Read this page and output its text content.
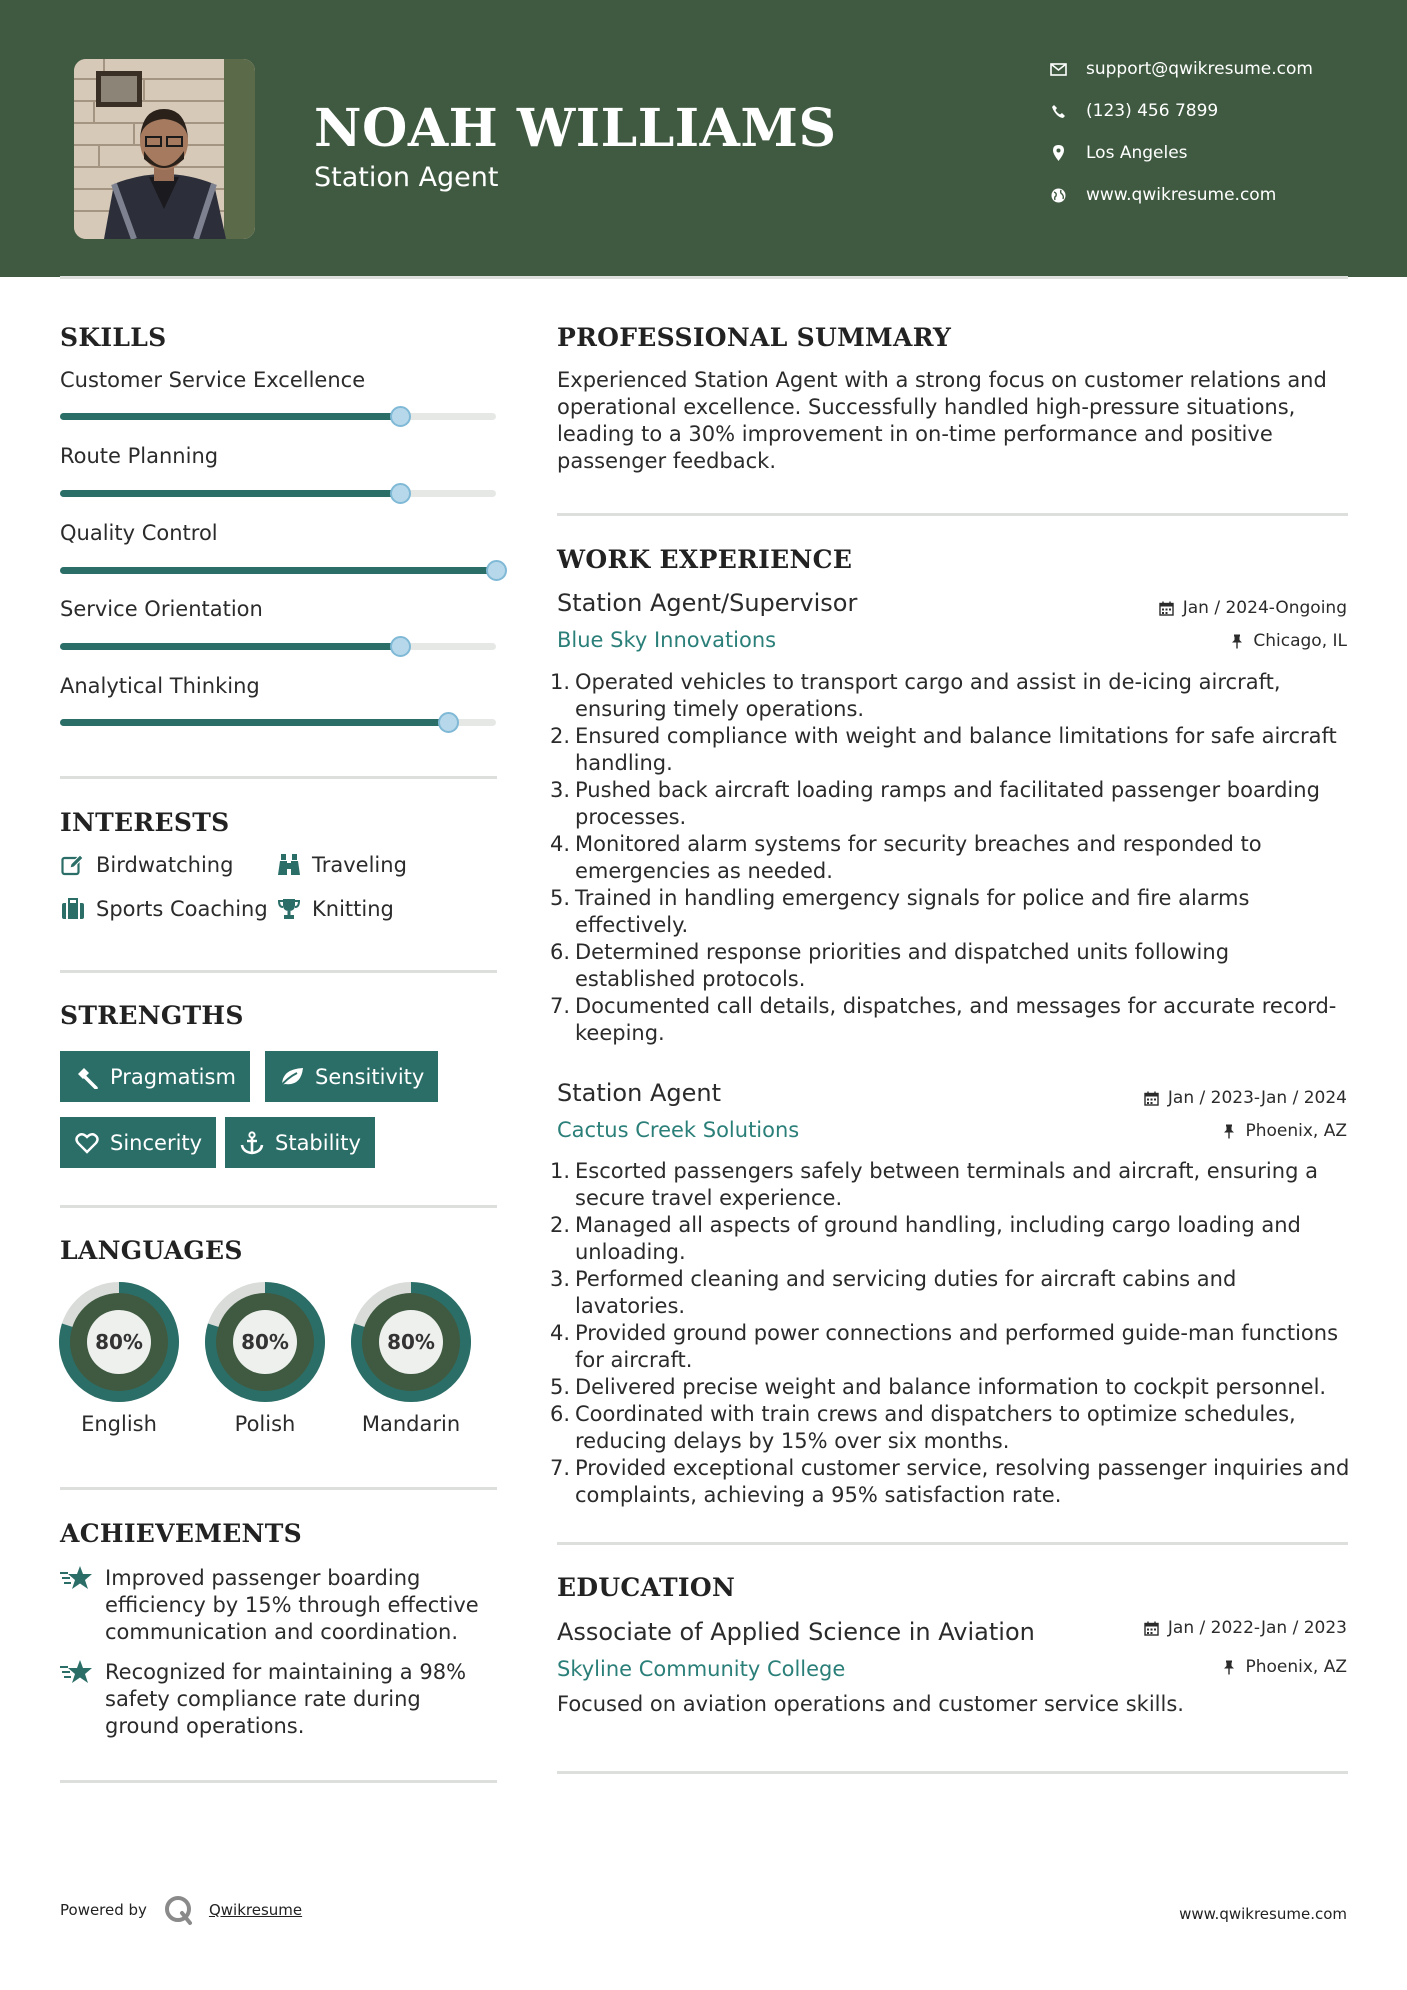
NOAH WILLIAMS
Station Agent
support@qwikresume.com
(123) 456 7899
Los Angeles
www.qwikresume.com
SKILLS
Customer Service Excellence
Route Planning
Quality Control
Service Orientation
Analytical Thinking
INTERESTS
Birdwatching	Traveling
Sports Coaching Knitting
STRENGTHS
Pragmatism	Sensitivity
Sincerity	Stability
LANGUAGES
80%
English
80%
Polish
80%
Mandarin
ACHIEVEMENTS
Improved passenger boarding efficiency by 15% through effective communication and coordination.
Recognized for maintaining a 98% safety compliance rate during ground operations.
PROFESSIONAL SUMMARY
Experienced Station Agent with a strong focus on customer relations and operational excellence. Successfully handled high-pressure situations, leading to a 30% improvement in on-time performance and positive passenger feedback.
WORK EXPERIENCE
Station Agent/Supervisor	Jan / 2024-Ongoing
Blue Sky Innovations	Chicago, IL
1. Operated vehicles to transport cargo and assist in de-icing aircraft, ensuring timely operations.
2. Ensured compliance with weight and balance limitations for safe aircraft handling.
3. Pushed back aircraft loading ramps and facilitated passenger boarding processes.
4. Monitored alarm systems for security breaches and responded to emergencies as needed.
5. Trained in handling emergency signals for police and fire alarms effectively.
6. Determined response priorities and dispatched units following established protocols.
7. Documented call details, dispatches, and messages for accurate record-keeping.
Station Agent	Jan / 2023-Jan / 2024
Cactus Creek Solutions	Phoenix, AZ
1. Escorted passengers safely between terminals and aircraft, ensuring a secure travel experience.
2. Managed all aspects of ground handling, including cargo loading and unloading.
3. Performed cleaning and servicing duties for aircraft cabins and lavatories.
4. Provided ground power connections and performed guide-man functions for aircraft.
5. Delivered precise weight and balance information to cockpit personnel.
6. Coordinated with train crews and dispatchers to optimize schedules, reducing delays by 15% over six months.
7. Provided exceptional customer service, resolving passenger inquiries and complaints, achieving a 95% satisfaction rate.
EDUCATION
Associate of Applied Science in Aviation	Jan / 2022-Jan / 2023
Skyline Community College	Phoenix, AZ
Focused on aviation operations and customer service skills.
Powered by	Qwikresume	www.qwikresume.com
